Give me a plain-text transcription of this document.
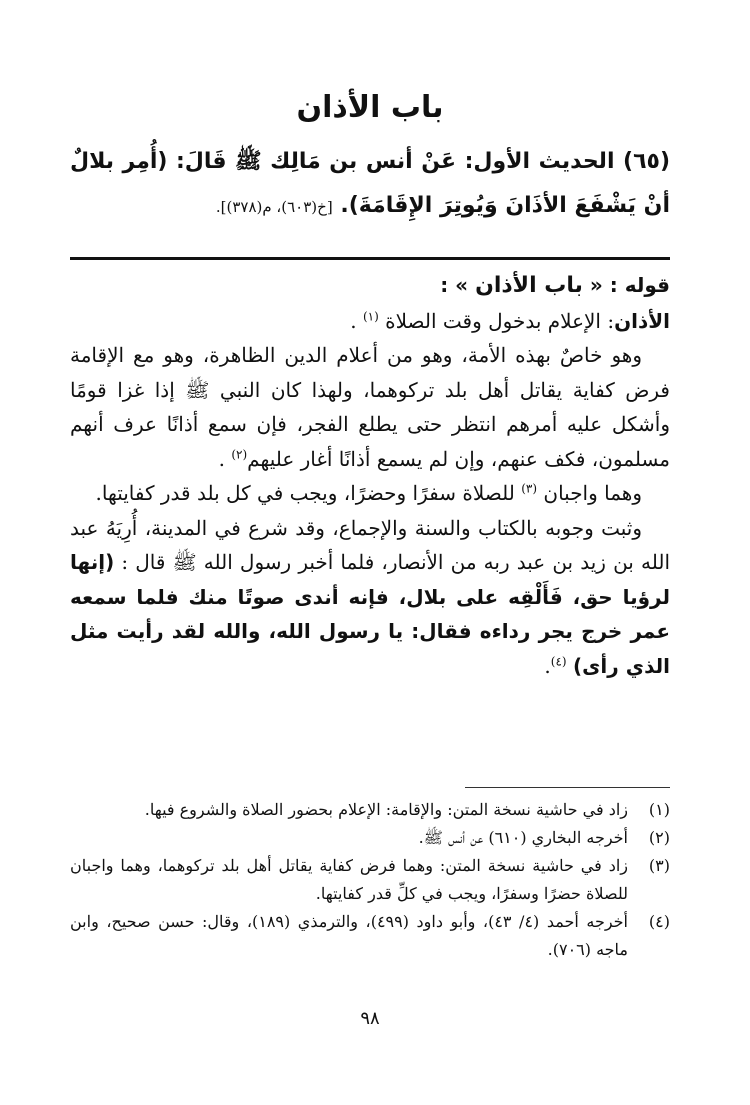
باب الأذان

(٦٥) الحديث الأول: عَنْ أنس بن مَالِك ﷺ قَالَ: (أُمِر بلالٌ أنْ يَشْفَعَ الأذَانَ وَيُوتِرَ الإِقَامَةَ). [خ(٦٠٣)، م(٣٧٨)].

قوله : « باب الأذان » :

الأذان: الإعلام بدخول وقت الصلاة $^{(١)}$ .

وهو خاصٌ بهذه الأمة، وهو من أعلام الدين الظاهرة، وهو مع الإقامة فرض كفاية يقاتل أهل بلد تركوهما، ولهذا كان النبي ﷺ إذا غزا قومًا وأشكل عليه أمرهم انتظر حتى يطلع الفجر، فإن سمع أذانًا عرف أنهم مسلمون، فكف عنهم، وإن لم يسمع أذانًا أغار عليهم$^{(٢)}$ .

وهما واجبان $^{(٣)}$ للصلاة سفرًا وحضرًا، ويجب في كل بلد قدر كفايتها.

وثبت وجوبه بالكتاب والسنة والإجماع، وقد شرع في المدينة، أُرِيَهُ عبد الله بن زيد بن عبد ربه من الأنصار، فلما أخبر رسول الله ﷺ قال : (إنها لرؤيا حق، فَأَلْقِه على بلال، فإنه أندى صوتًا منك فلما سمعه عمر خرج يجر رداءه فقال: يا رسول الله، والله لقد رأيت مثل الذي رأى) $^{(٤)}$.

(١)
زاد في حاشية نسخة المتن: والإقامة: الإعلام بحضور الصلاة والشروع فيها.
(٢)
أخرجه البخاري (٦١٠) عن أنس ﷺ.
(٣)
زاد في حاشية نسخة المتن: وهما فرض كفاية يقاتل أهل بلد تركوهما، وهما واجبان للصلاة حضرًا وسفرًا، ويجب في كلِّ قدر كفايتها.
(٤)
أخرجه أحمد (٤/ ٤٣)، وأبو داود (٤٩٩)، والترمذي (١٨٩)، وقال: حسن صحيح، وابن ماجه (٧٠٦).
٩٨
